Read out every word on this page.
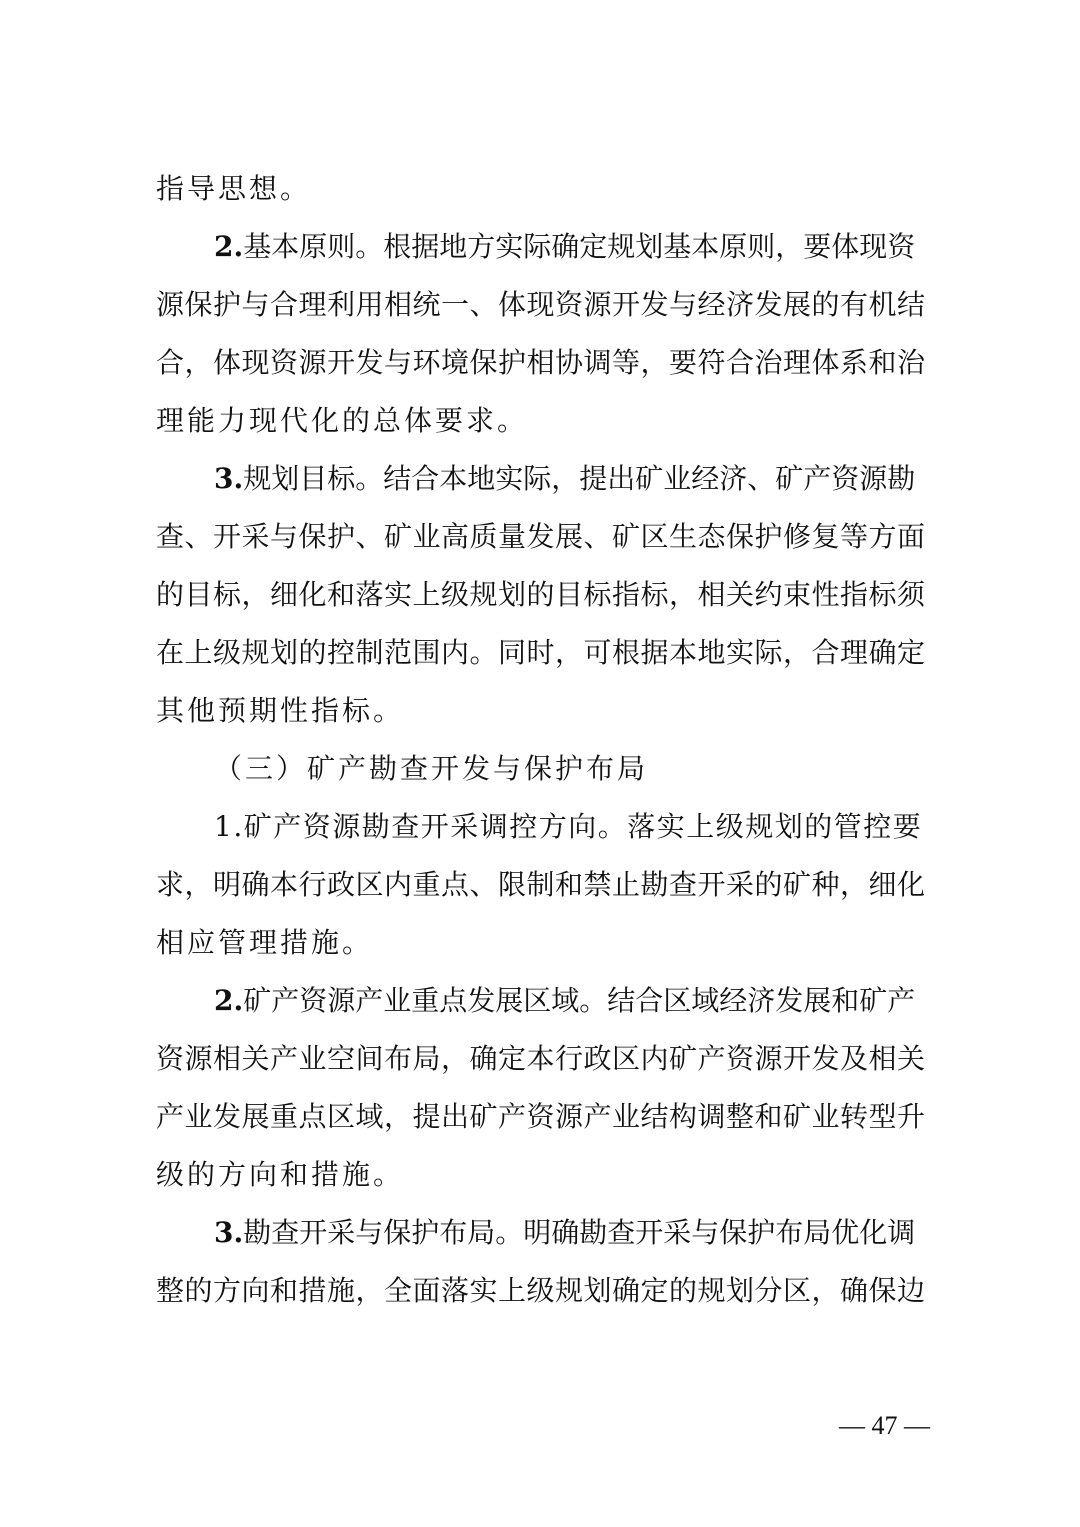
指导思想。
2.基本原则。根据地方实际确定规划基本原则，要体现资
源保护与合理利用相统一、体现资源开发与经济发展的有机结
合，体现资源开发与环境保护相协调等，要符合治理体系和治
理能力现代化的总体要求。
3.规划目标。结合本地实际，提出矿业经济、矿产资源勘
查、开采与保护、矿业高质量发展、矿区生态保护修复等方面
的目标，细化和落实上级规划的目标指标，相关约束性指标须
在上级规划的控制范围内。同时，可根据本地实际，合理确定
其他预期性指标。
（三）矿产勘查开发与保护布局
1.矿产资源勘查开采调控方向。落实上级规划的管控要
求，明确本行政区内重点、限制和禁止勘查开采的矿种，细化
相应管理措施。
2.矿产资源产业重点发展区域。结合区域经济发展和矿产
资源相关产业空间布局，确定本行政区内矿产资源开发及相关
产业发展重点区域，提出矿产资源产业结构调整和矿业转型升
级的方向和措施。
3.勘查开采与保护布局。明确勘查开采与保护布局优化调
整的方向和措施，全面落实上级规划确定的规划分区，确保边
— 47 —
